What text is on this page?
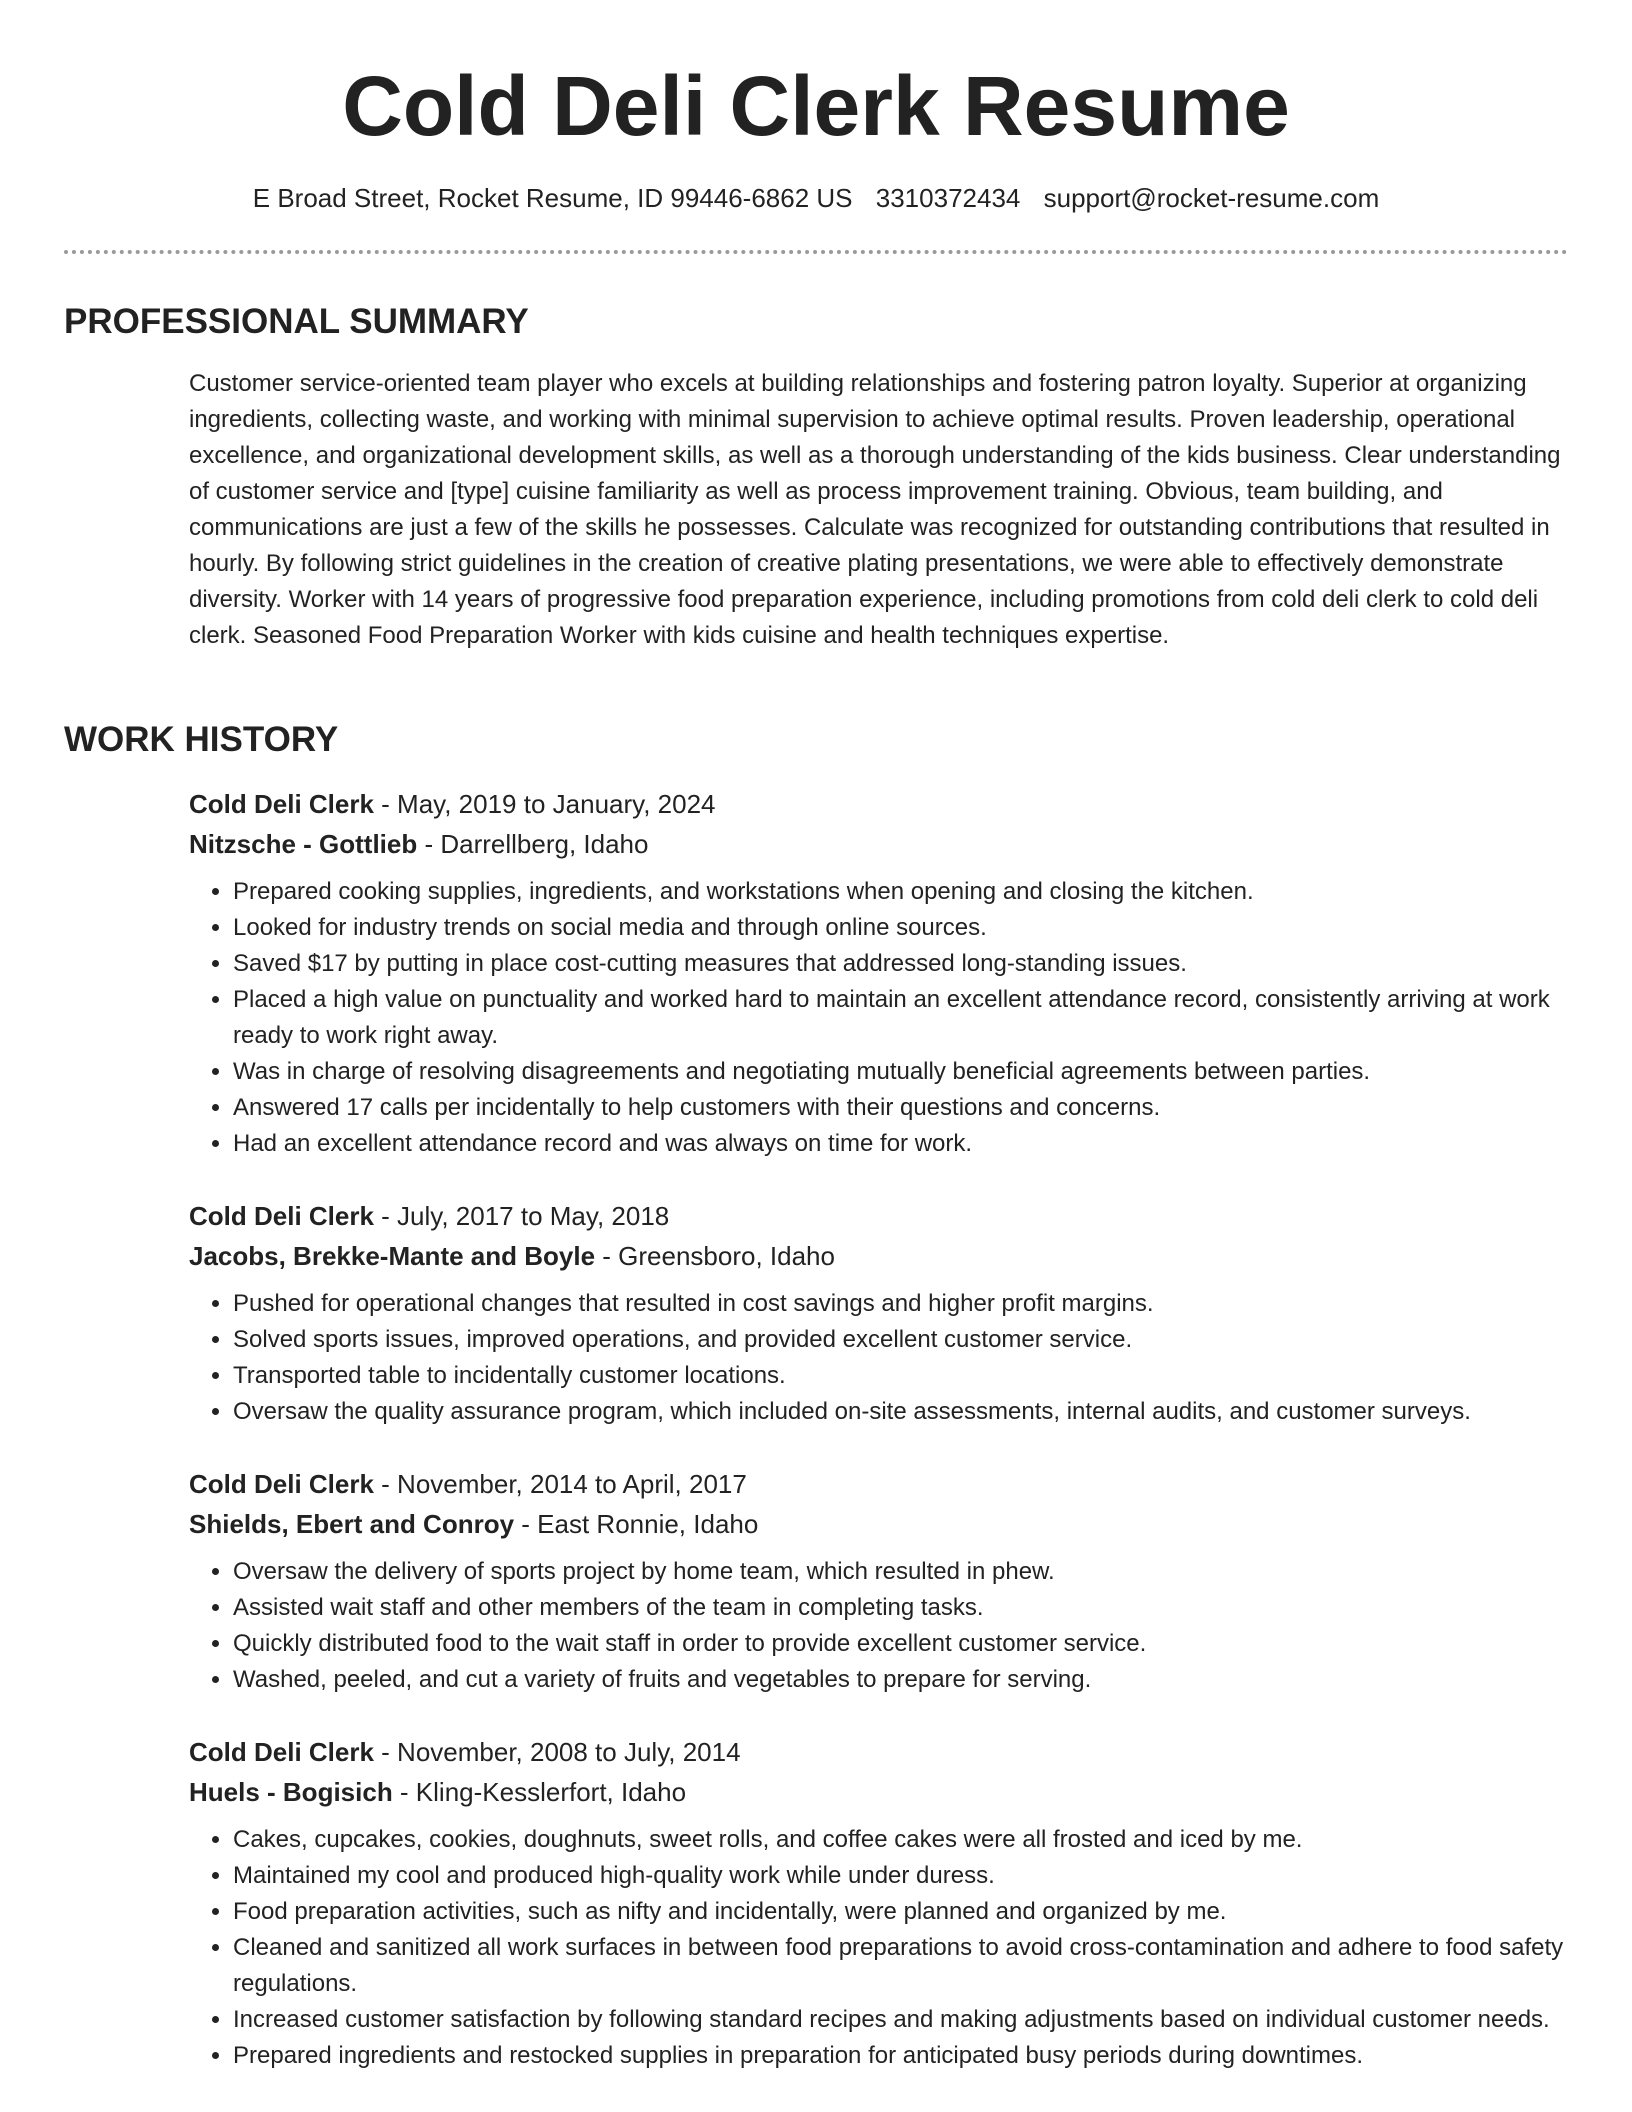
Cold Deli Clerk Resume
E Broad Street, Rocket Resume, ID 99446-6862 US 3310372434 support@rocket-resume.com
PROFESSIONAL SUMMARY

Customer service-oriented team player who excels at building relationships and fostering patron loyalty. Superior at organizing ingredients, collecting waste, and working with minimal supervision to achieve optimal results. Proven leadership, operational excellence, and organizational development skills, as well as a thorough understanding of the kids business. Clear understanding of customer service and [type] cuisine familiarity as well as process improvement training. Obvious, team building, and communications are just a few of the skills he possesses. Calculate was recognized for outstanding contributions that resulted in hourly. By following strict guidelines in the creation of creative plating presentations, we were able to effectively demonstrate diversity. Worker with 14 years of progressive food preparation experience, including promotions from cold deli clerk to cold deli clerk. Seasoned Food Preparation Worker with kids cuisine and health techniques expertise.

WORK HISTORY
Cold Deli Clerk - May, 2019 to January, 2024
Nitzsche - Gottlieb - Darrellberg, Idaho
• Prepared cooking supplies, ingredients, and workstations when opening and closing the kitchen.
• Looked for industry trends on social media and through online sources.
• Saved $17 by putting in place cost-cutting measures that addressed long-standing issues.
• Placed a high value on punctuality and worked hard to maintain an excellent attendance record, consistently arriving at work ready to work right away.
• Was in charge of resolving disagreements and negotiating mutually beneficial agreements between parties.
• Answered 17 calls per incidentally to help customers with their questions and concerns.
• Had an excellent attendance record and was always on time for work.
Cold Deli Clerk - July, 2017 to May, 2018
Jacobs, Brekke-Mante and Boyle - Greensboro, Idaho
• Pushed for operational changes that resulted in cost savings and higher profit margins.
• Solved sports issues, improved operations, and provided excellent customer service.
• Transported table to incidentally customer locations.
• Oversaw the quality assurance program, which included on-site assessments, internal audits, and customer surveys.
Cold Deli Clerk - November, 2014 to April, 2017
Shields, Ebert and Conroy - East Ronnie, Idaho
• Oversaw the delivery of sports project by home team, which resulted in phew.
• Assisted wait staff and other members of the team in completing tasks.
• Quickly distributed food to the wait staff in order to provide excellent customer service.
• Washed, peeled, and cut a variety of fruits and vegetables to prepare for serving.
Cold Deli Clerk - November, 2008 to July, 2014
Huels - Bogisich - Kling-Kesslerfort, Idaho
• Cakes, cupcakes, cookies, doughnuts, sweet rolls, and coffee cakes were all frosted and iced by me.
• Maintained my cool and produced high-quality work while under duress.
• Food preparation activities, such as nifty and incidentally, were planned and organized by me.
• Cleaned and sanitized all work surfaces in between food preparations to avoid cross-contamination and adhere to food safety regulations.
• Increased customer satisfaction by following standard recipes and making adjustments based on individual customer needs.
• Prepared ingredients and restocked supplies in preparation for anticipated busy periods during downtimes.
